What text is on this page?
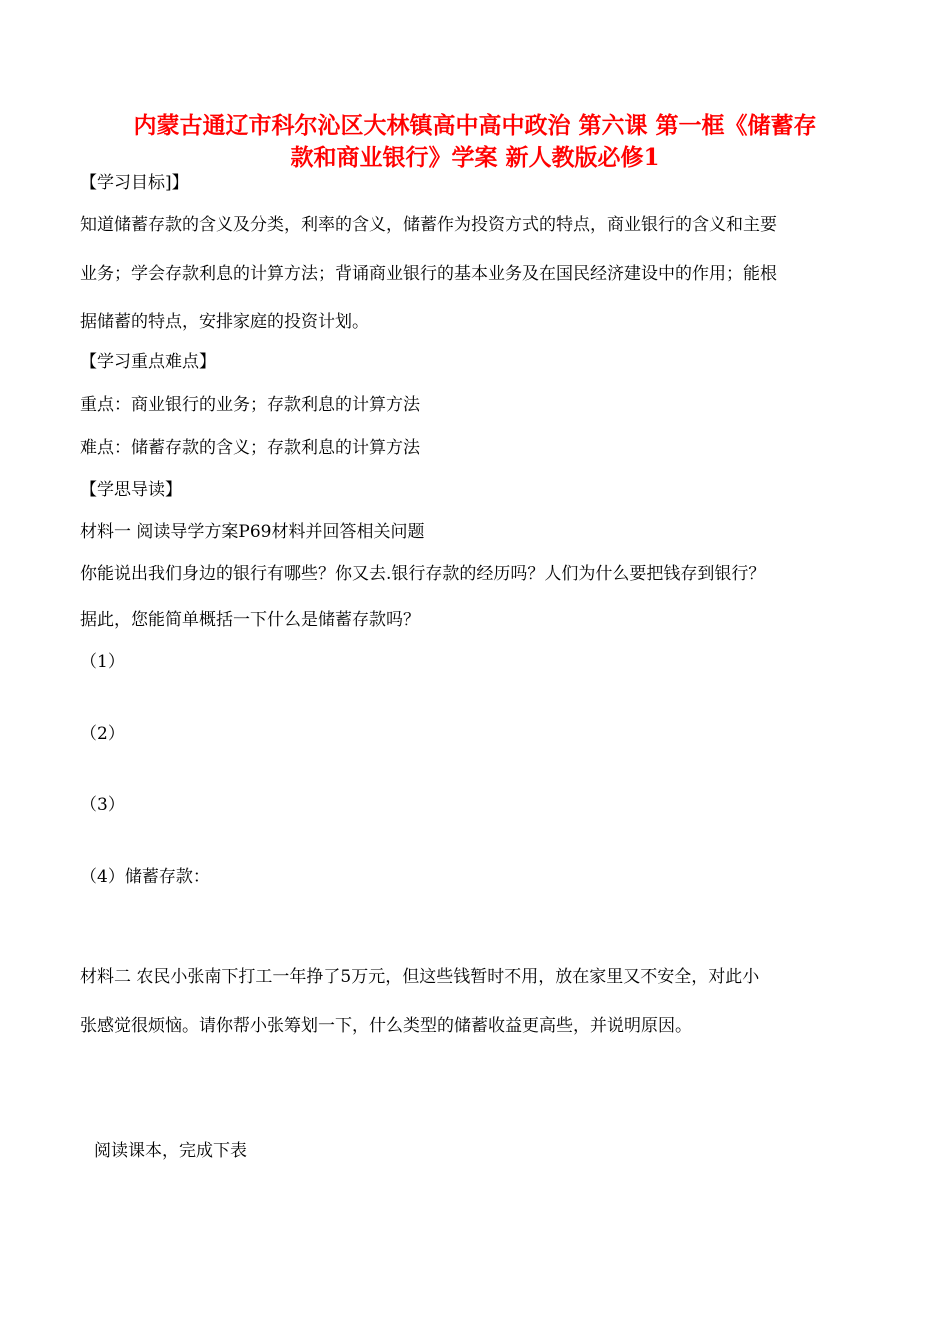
内蒙古通辽市科尔沁区大林镇高中高中政治 第六课 第一框《储蓄存
款和商业银行》学案 新人教版必修1
【学习目标]】
知道储蓄存款的含义及分类，利率的含义，储蓄作为投资方式的特点，商业银行的含义和主要
业务；学会存款利息的计算方法；背诵商业银行的基本业务及在国民经济建设中的作用；能根
据储蓄的特点，安排家庭的投资计划。
【学习重点难点】
重点：商业银行的业务；存款利息的计算方法
难点：储蓄存款的含义；存款利息的计算方法
【学思导读】
材料一 阅读导学方案P69材料并回答相关问题
你能说出我们身边的银行有哪些？你又去.银行存款的经历吗？人们为什么要把钱存到银行？
据此，您能简单概括一下什么是储蓄存款吗？
（1）
（2）
（3）
（4）储蓄存款：
材料二 农民小张南下打工一年挣了5万元，但这些钱暂时不用，放在家里又不安全，对此小
张感觉很烦恼。请你帮小张筹划一下，什么类型的储蓄收益更高些，并说明原因。
阅读课本，完成下表
